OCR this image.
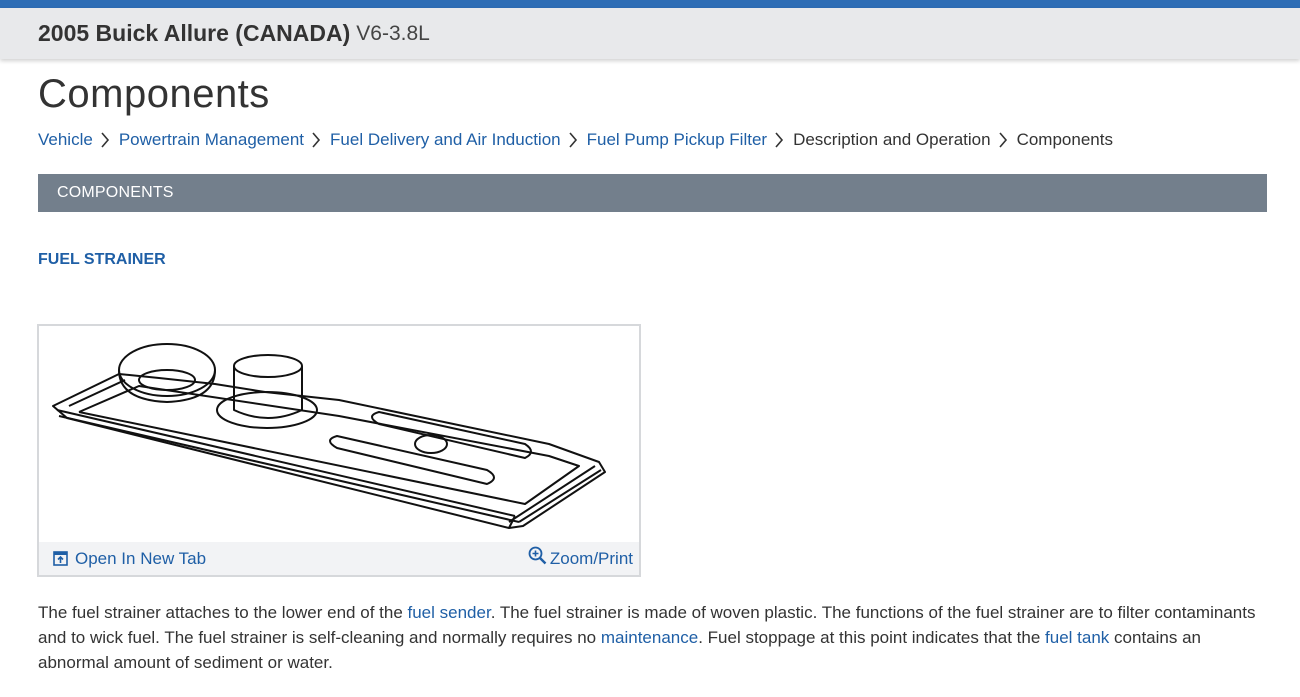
2005 Buick Allure (CANADA) V6-3.8L
Components
Vehicle Powertrain Management Fuel Delivery and Air Induction Fuel Pump Pickup Filter Description and Operation Components
COMPONENTS
FUEL STRAINER
Open In New Tab	Zoom/Print

The fuel strainer attaches to the lower end of the fuel sender. The fuel strainer is made of woven plastic. The functions of the fuel strainer are to filter contaminants and to wick fuel. The fuel strainer is self-cleaning and normally requires no maintenance. Fuel stoppage at this point indicates that the fuel tank contains an abnormal amount of sediment or water.
